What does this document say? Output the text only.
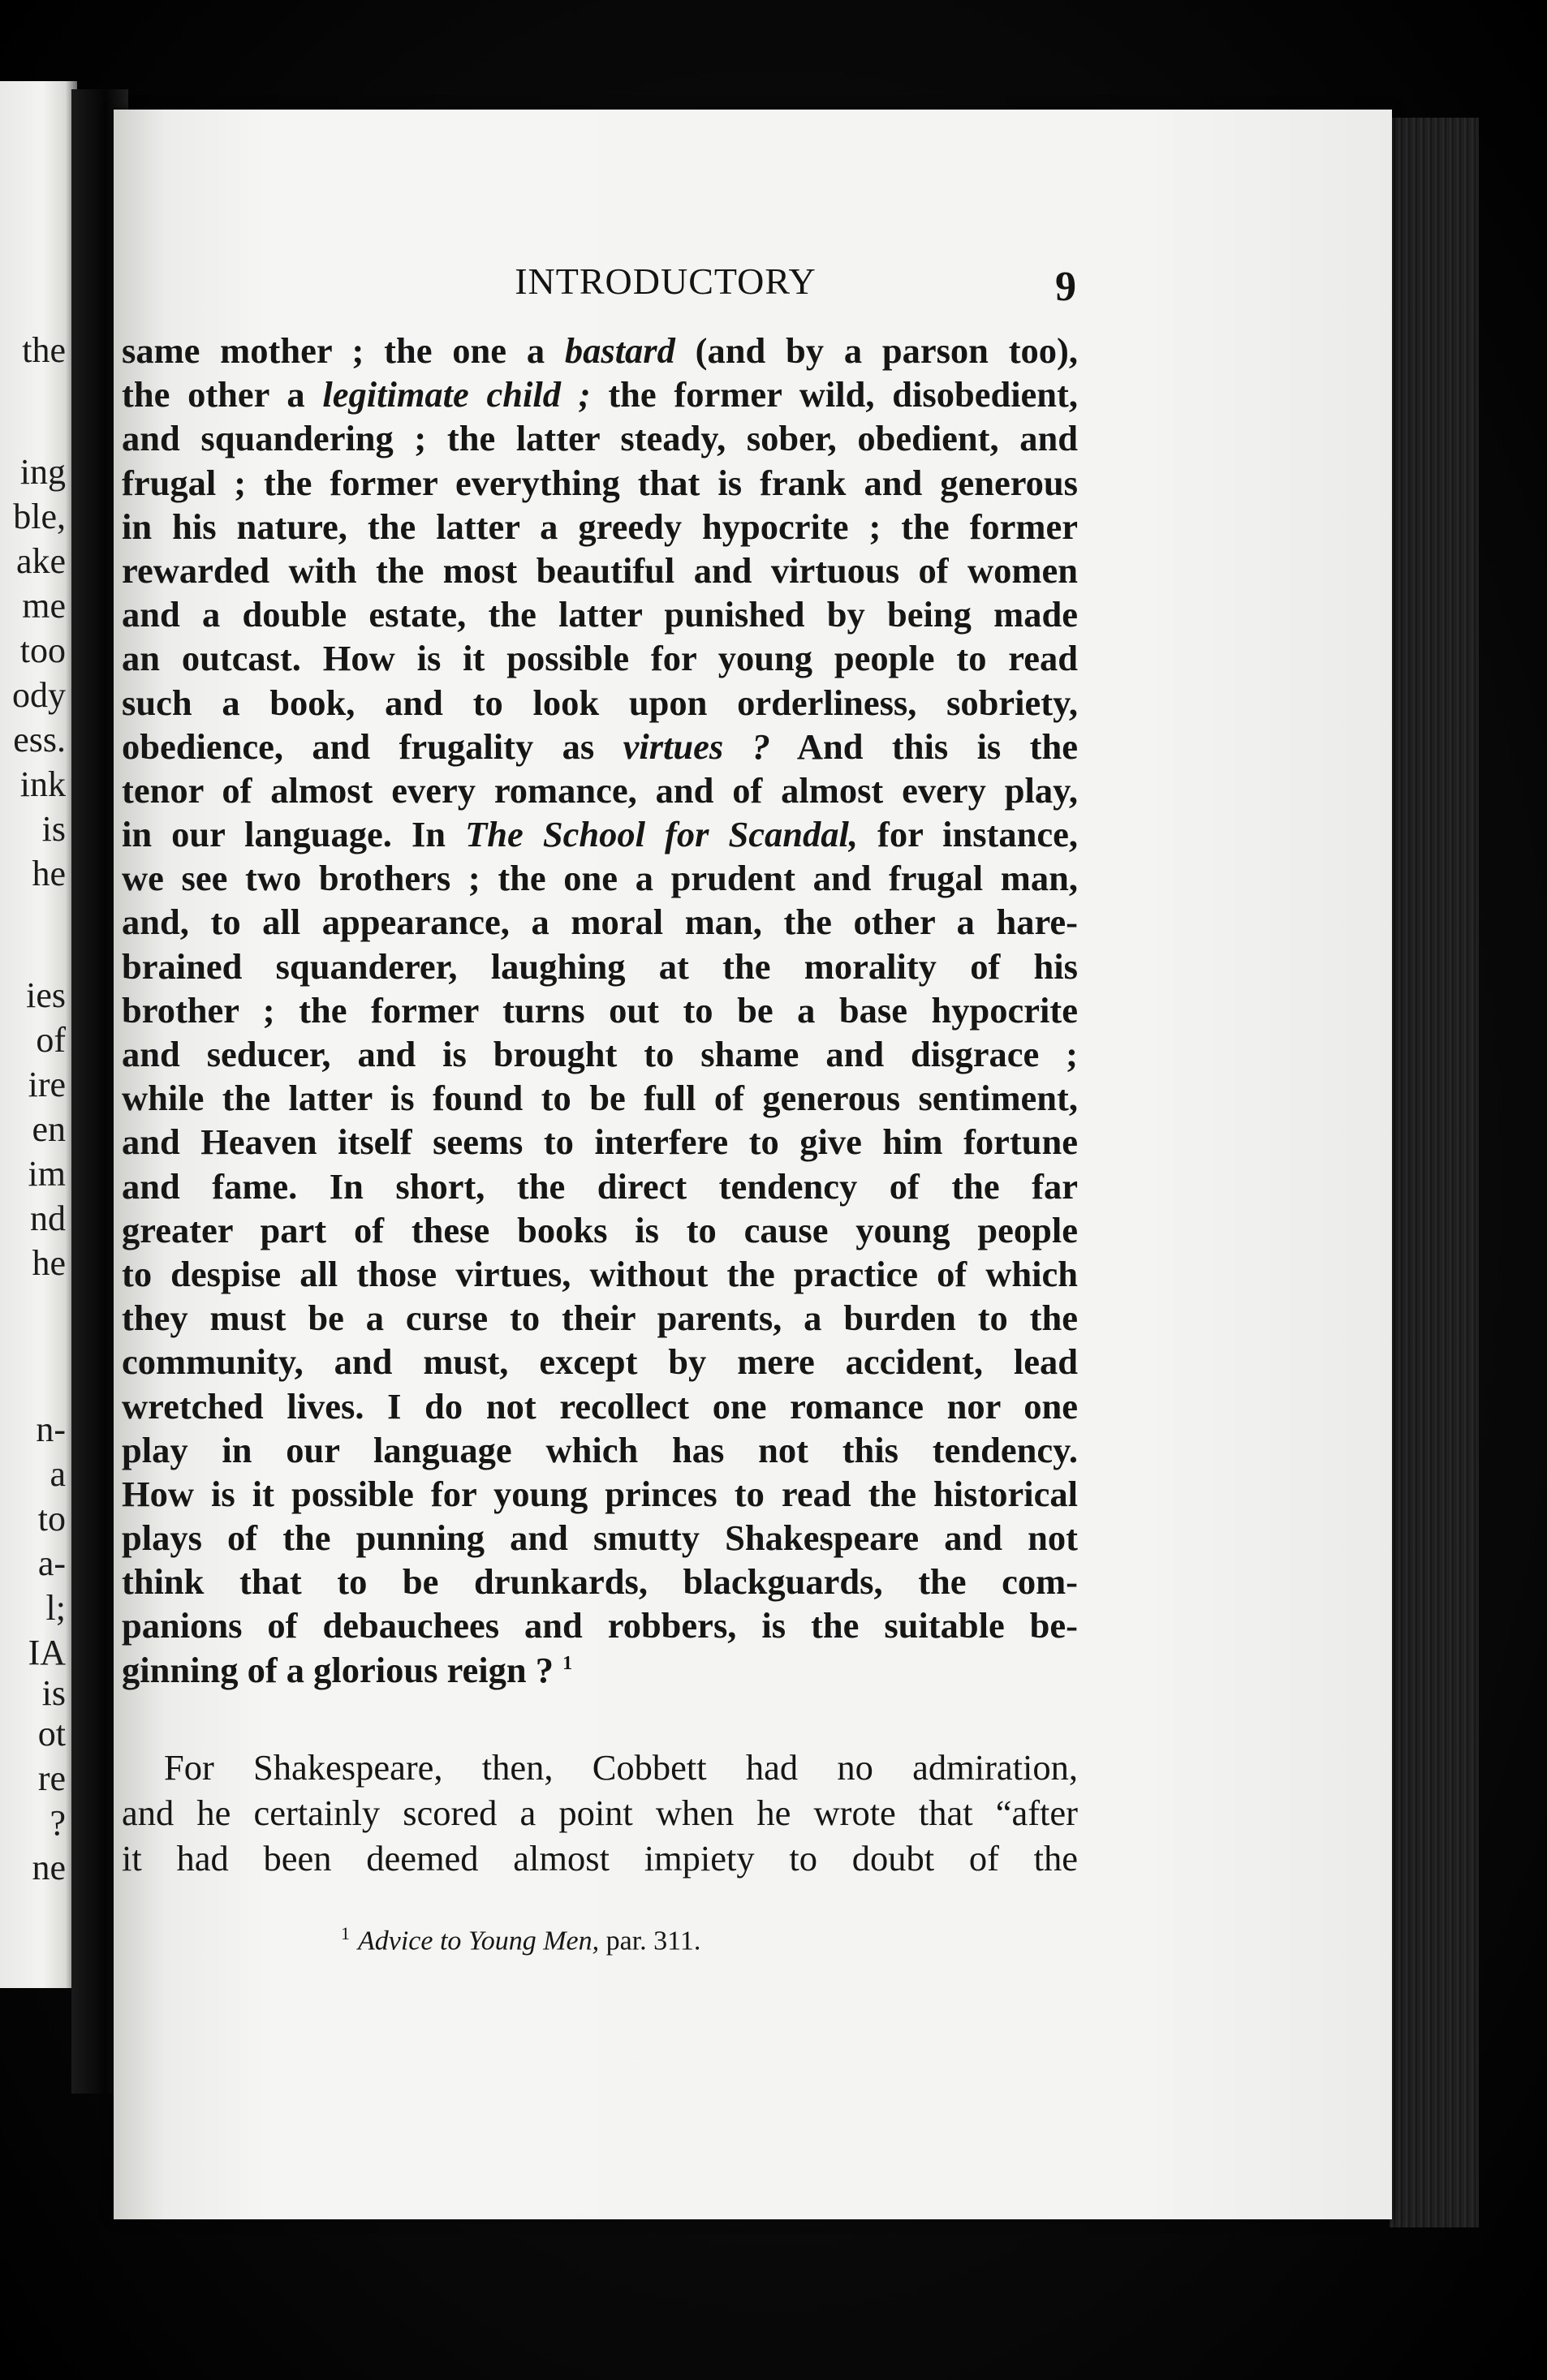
the
ing
ble,
ake
me
too
ody
ess.
ink
is
he
ies
of
ire
en
im
nd
he
n-
a
to
a-
l;
IA
is
ot
re
?
ne
INTRODUCTORY	9
same mother ; the one a bastard (and by a parson too),
the other a legitimate child ; the former wild, disobedient,
and squandering ; the latter steady, sober, obedient, and
frugal ; the former everything that is frank and generous
in his nature, the latter a greedy hypocrite ; the former
rewarded with the most beautiful and virtuous of women
and a double estate, the latter punished by being made
an outcast. How is it possible for young people to read
such a book, and to look upon orderliness, sobriety,
obedience, and frugality as virtues ? And this is the
tenor of almost every romance, and of almost every play,
in our language. In The School for Scandal, for instance,
we see two brothers ; the one a prudent and frugal man,
and, to all appearance, a moral man, the other a hare-
brained squanderer, laughing at the morality of his
brother ; the former turns out to be a base hypocrite
and seducer, and is brought to shame and disgrace ;
while the latter is found to be full of generous sentiment,
and Heaven itself seems to interfere to give him fortune
and fame. In short, the direct tendency of the far
greater part of these books is to cause young people
to despise all those virtues, without the practice of which
they must be a curse to their parents, a burden to the
community, and must, except by mere accident, lead
wretched lives. I do not recollect one romance nor one
play in our language which has not this tendency.
How is it possible for young princes to read the historical
plays of the punning and smutty Shakespeare and not
think that to be drunkards, blackguards, the com-
panions of debauchees and robbers, is the suitable be-
ginning of a glorious reign ? $^1$
For Shakespeare, then, Cobbett had no admiration,
and he certainly scored a point when he wrote that “after
it had been deemed almost impiety to doubt of the
$^1$ Advice to Young Men, par. 311.
